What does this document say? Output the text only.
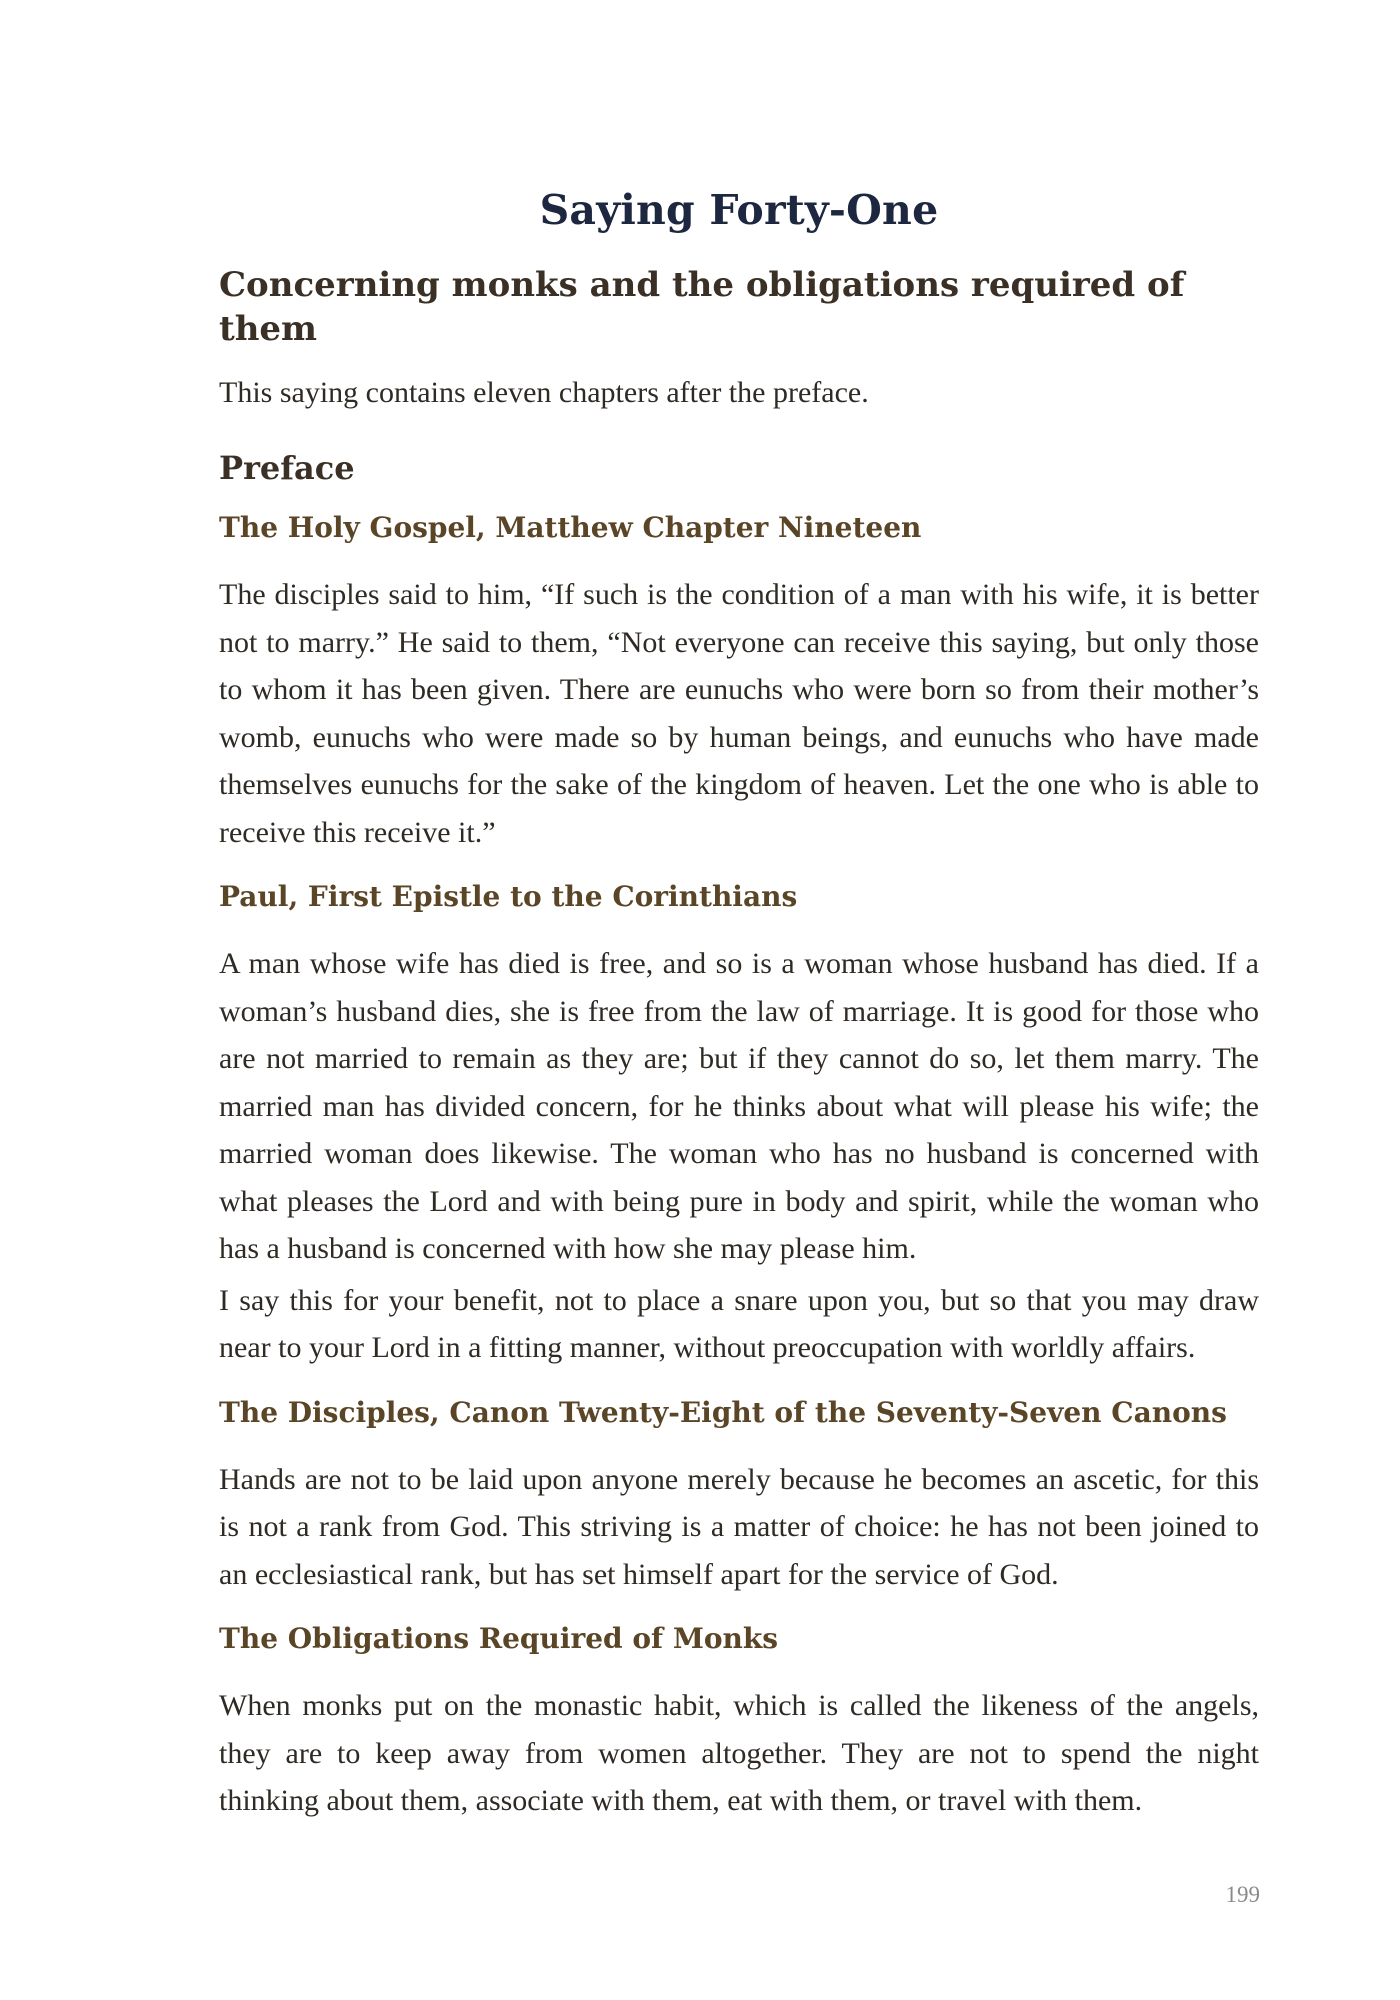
Saying Forty-One
Concerning monks and the obligations required of them

This saying contains eleven chapters after the preface.

Preface
The Holy Gospel, Matthew Chapter Nineteen

The disciples said to him, “If such is the condition of a man with his wife, it is better not to marry.” He said to them, “Not everyone can receive this saying, but only those to whom it has been given. There are eunuchs who were born so from their mother’s womb, eunuchs who were made so by human beings, and eunuchs who have made themselves eunuchs for the sake of the kingdom of heaven. Let the one who is able to receive this receive it.”

Paul, First Epistle to the Corinthians

A man whose wife has died is free, and so is a woman whose husband has died. If a woman’s husband dies, she is free from the law of marriage. It is good for those who are not married to remain as they are; but if they cannot do so, let them marry. The married man has divided concern, for he thinks about what will please his wife; the married woman does likewise. The woman who has no husband is concerned with what pleases the Lord and with being pure in body and spirit, while the woman who has a husband is concerned with how she may please him.

I say this for your benefit, not to place a snare upon you, but so that you may draw near to your Lord in a fitting manner, without preoccupation with worldly affairs.

The Disciples, Canon Twenty-Eight of the Seventy-Seven Canons

Hands are not to be laid upon anyone merely because he becomes an ascetic, for this is not a rank from God. This striving is a matter of choice: he has not been joined to an ecclesiastical rank, but has set himself apart for the service of God.

The Obligations Required of Monks

When monks put on the monastic habit, which is called the likeness of the angels, they are to keep away from women altogether. They are not to spend the night thinking about them, associate with them, eat with them, or travel with them.

199
